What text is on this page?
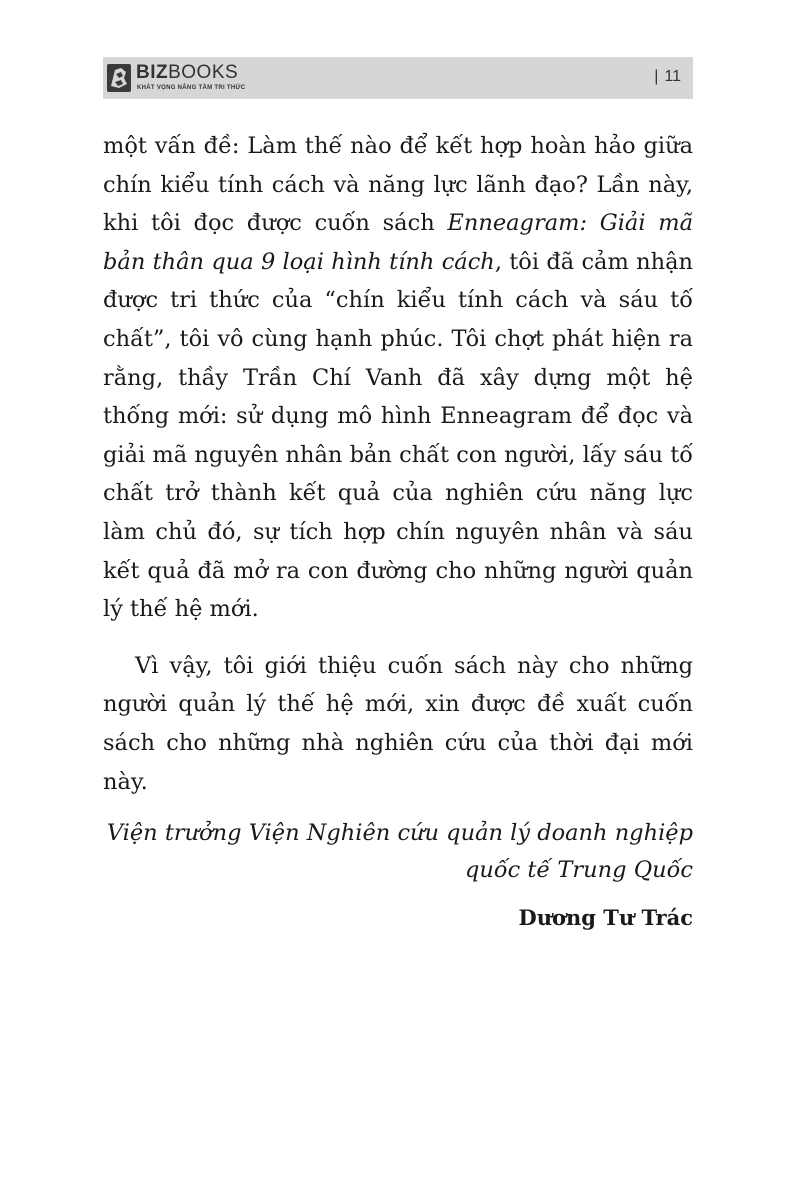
BIZBOOKS
KHÁT VỌNG NÂNG TẦM TRI THỨC
| 11

một vấn đề: Làm thế nào để kết hợp hoàn hảo giữa chín kiểu tính cách và năng lực lãnh đạo? Lần này, khi tôi đọc được cuốn sách Enneagram: Giải mã bản thân qua 9 loại hình tính cách, tôi đã cảm nhận được tri thức của “chín kiểu tính cách và sáu tố chất”, tôi vô cùng hạnh phúc. Tôi chợt phát hiện ra rằng, thầy Trần Chí Vanh đã xây dựng một hệ thống mới: sử dụng mô hình Enneagram để đọc và giải mã nguyên nhân bản chất con người, lấy sáu tố chất trở thành kết quả của nghiên cứu năng lực làm chủ đó, sự tích hợp chín nguyên nhân và sáu kết quả đã mở ra con đường cho những người quản lý thế hệ mới.

Vì vậy, tôi giới thiệu cuốn sách này cho những người quản lý thế hệ mới, xin được đề xuất cuốn sách cho những nhà nghiên cứu của thời đại mới này.

Viện trưởng Viện Nghiên cứu quản lý doanh nghiệp quốc tế Trung Quốc

Dương Tư Trác
